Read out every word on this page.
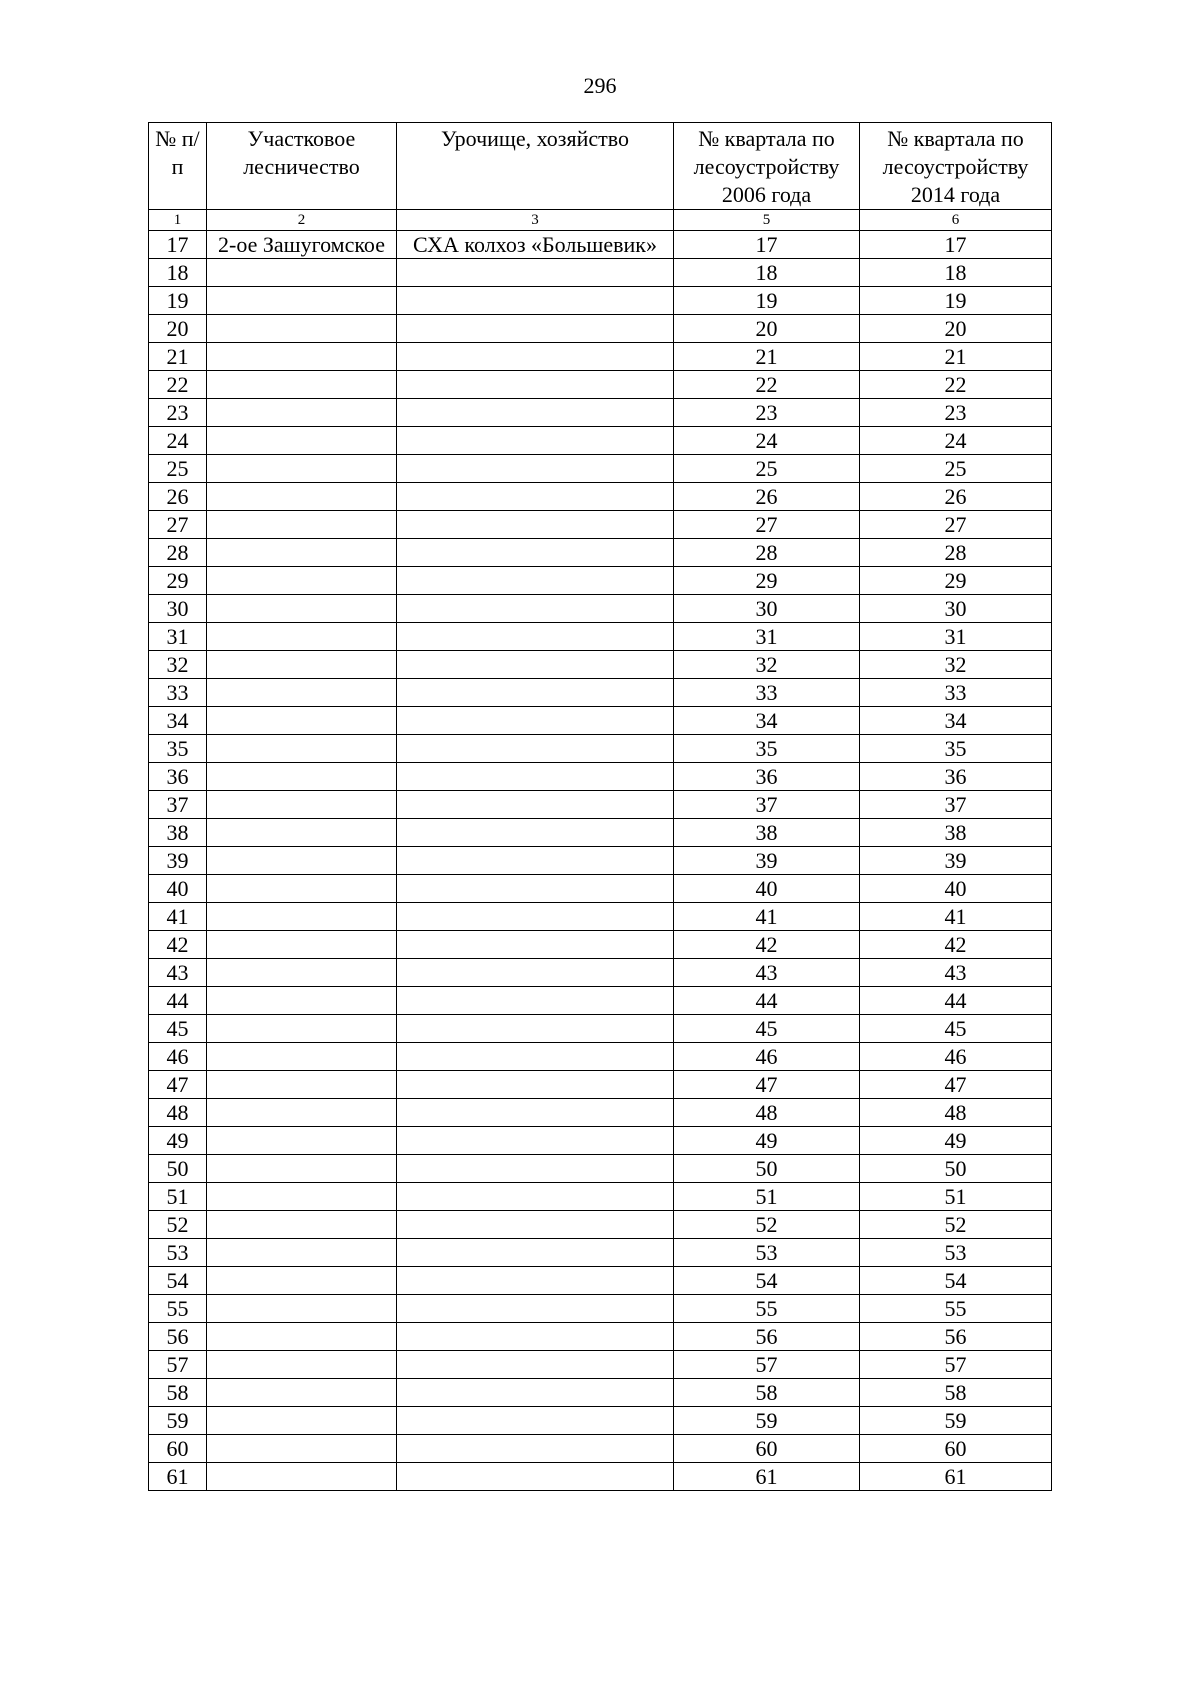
296
№ п/п	Участковое лесничество	Урочище, хозяйство	№ квартала по лесоустройству 2006 года	№ квартала по лесоустройству 2014 года
1	2	3	5	6
17	2-ое Зашугомское	СХА колхоз «Большевик»	17	17
18			18	18
19			19	19
20			20	20
21			21	21
22			22	22
23			23	23
24			24	24
25			25	25
26			26	26
27			27	27
28			28	28
29			29	29
30			30	30
31			31	31
32			32	32
33			33	33
34			34	34
35			35	35
36			36	36
37			37	37
38			38	38
39			39	39
40			40	40
41			41	41
42			42	42
43			43	43
44			44	44
45			45	45
46			46	46
47			47	47
48			48	48
49			49	49
50			50	50
51			51	51
52			52	52
53			53	53
54			54	54
55			55	55
56			56	56
57			57	57
58			58	58
59			59	59
60			60	60
61			61	61
